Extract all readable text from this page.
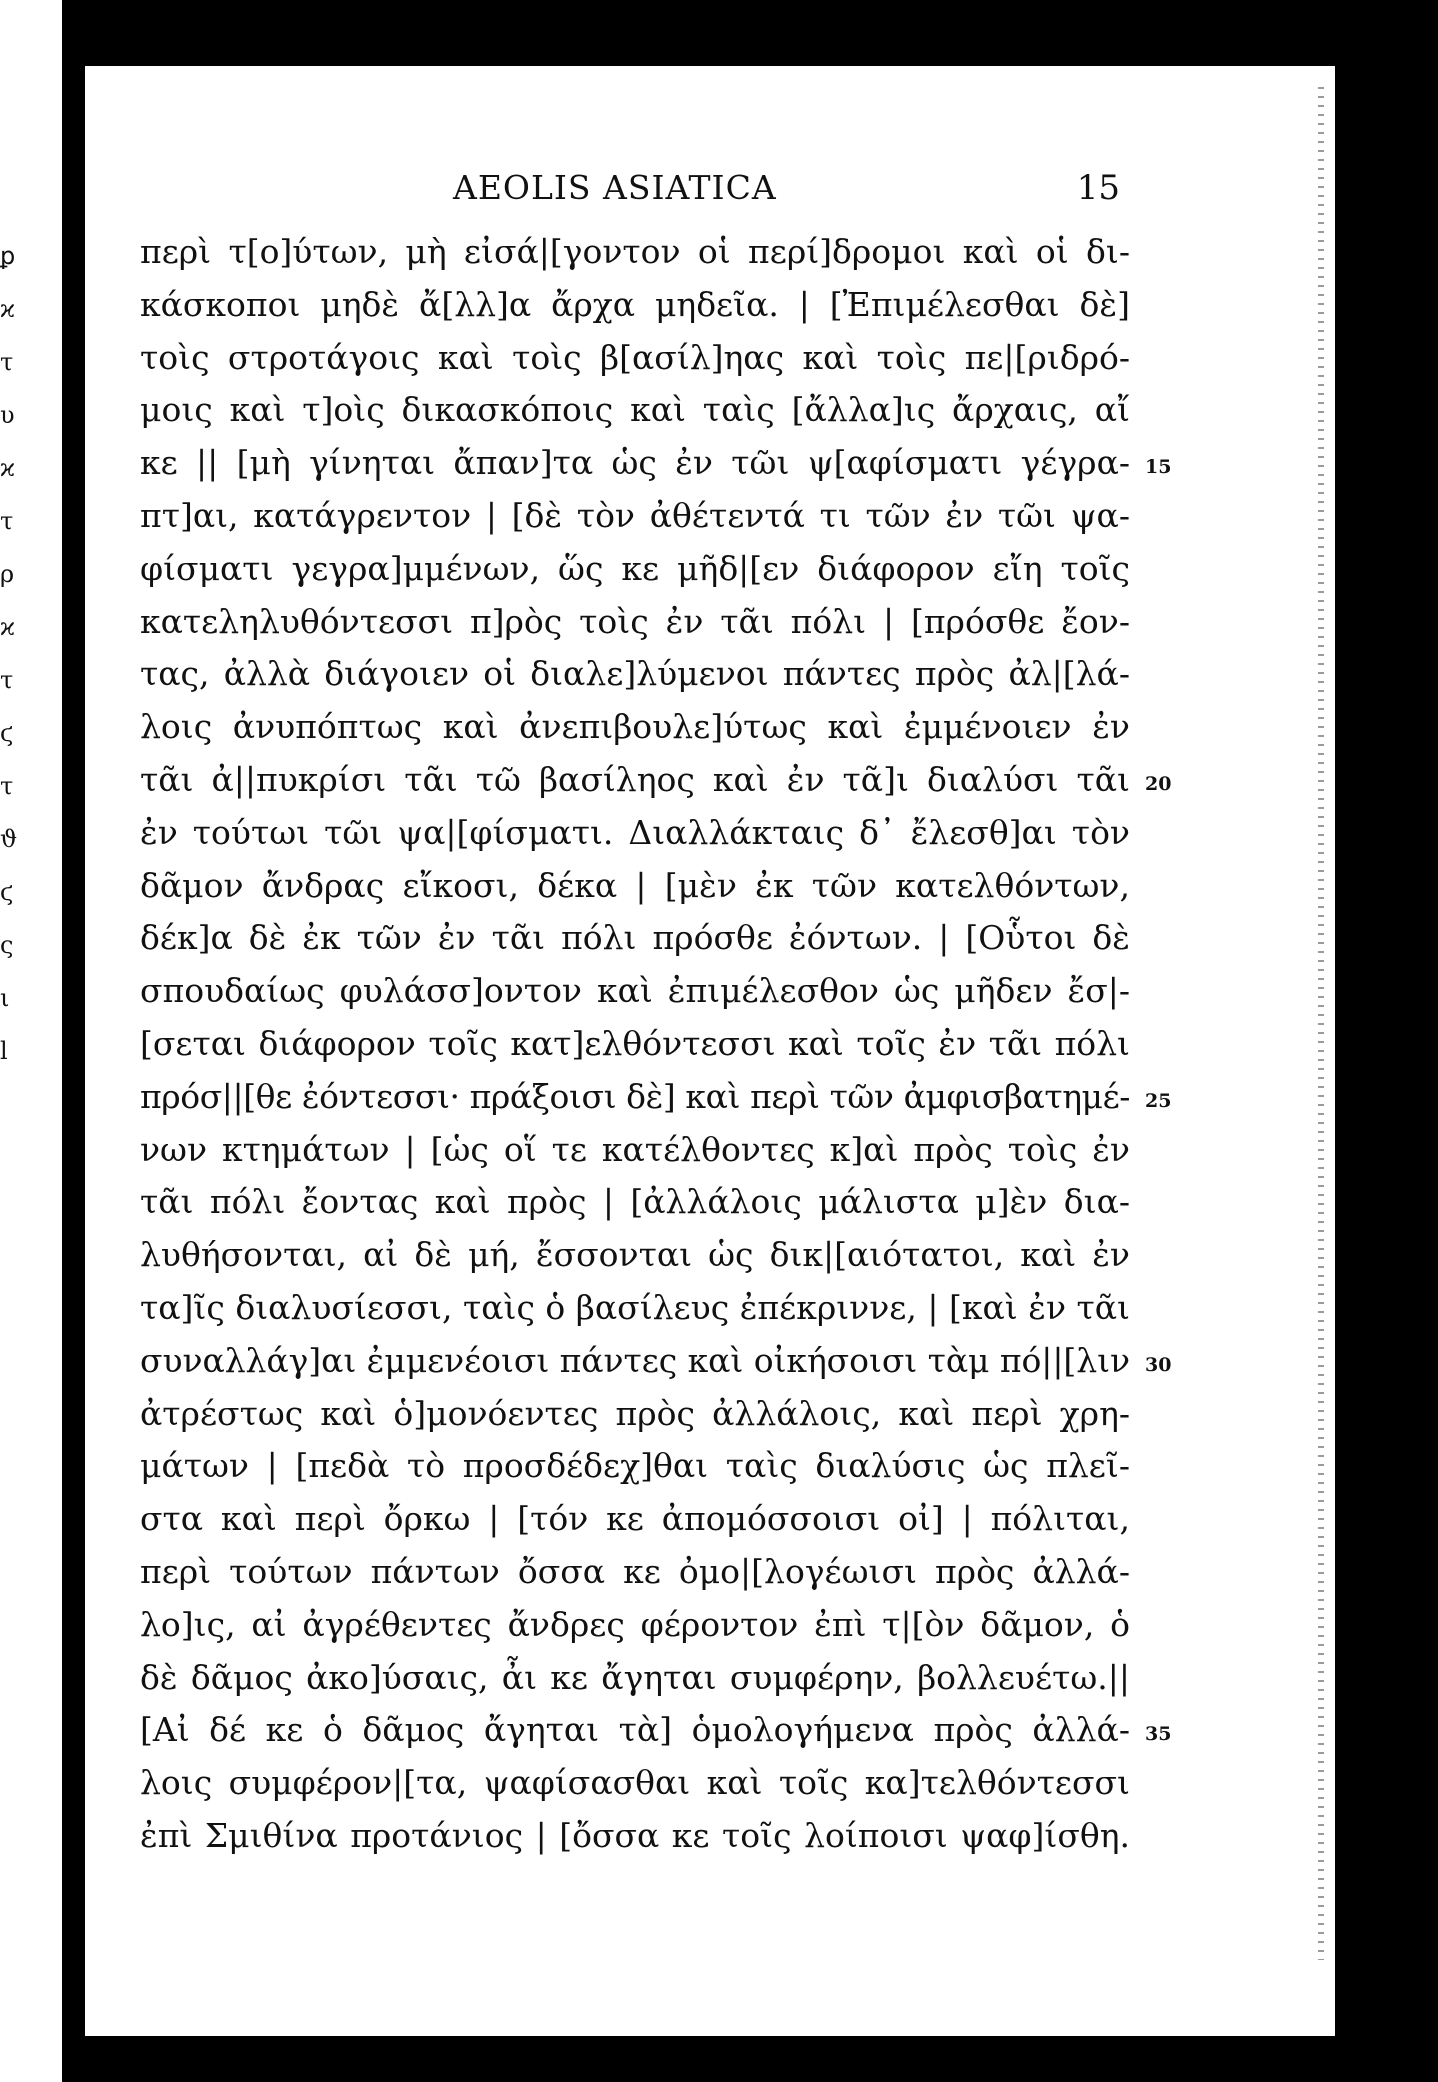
ꝑ
ϰ
τ
υ
ϰ
τ
ρ
ϰ
τ
ϛ
τ
ϑ
ϛ
ς
ι
l
AEOLIS ASIATICA	15
περὶ τ[ο]ύτων, μὴ εἰσά|[γοντον οἱ περί]δρομοι καὶ οἱ δι-
κάσκοποι μηδὲ ἄ[λλ]α ἄρχα μηδεῖα. | [Ἐπιμέλεσθαι δὲ]
τοὶς στροτάγοις καὶ τοὶς β[ασίλ]ηας καὶ τοὶς πε|[ριδρό-
μοις καὶ τ]οὶς δικασκόποις καὶ ταὶς [ἄλλα]ις ἄρχαις, αἴ
κε || [μὴ γίνηται ἄπαν]τα ὡς ἐν τῶι ψ[αφίσματι γέγρα- 15
πτ]αι, κατάγρεντον | [δὲ τὸν ἀθέτεντά τι τῶν ἐν τῶι ψα-
φίσματι γεγρα]μμένων, ὥς κε μῆδ|[εν διάφορον εἴη τοῖς
κατεληλυθόντεσσι π]ρὸς τοὶς ἐν τᾶι πόλι | [πρόσθε ἔον-
τας, ἀλλὰ διάγοιεν οἱ διαλε]λύμενοι πάντες πρὸς ἀλ|[λά-
λοις ἀνυπόπτως καὶ ἀνεπιβουλε]ύτως καὶ ἐμμένοιεν ἐν
τᾶι ἀ||πυκρίσι τᾶι τῶ βασίληος καὶ ἐν τᾶ]ι διαλύσι τᾶι 20
ἐν τούτωι τῶι ψα|[φίσματι. Διαλλάκταις δ᾽ ἔλεσθ]αι τὸν
δᾶμον ἄνδρας εἴκοσι, δέκα | [μὲν ἐκ τῶν κατελθόντων,
δέκ]α δὲ ἐκ τῶν ἐν τᾶι πόλι πρόσθε ἐόντων. | [Οὗτοι δὲ
σπουδαίως φυλάσσ]οντον καὶ ἐπιμέλεσθον ὡς μῆδεν ἔσ|-
[σεται διάφορον τοῖς κατ]ελθόντεσσι καὶ τοῖς ἐν τᾶι πόλι
πρόσ||[θε ἐόντεσσι· πράξοισι δὲ] καὶ περὶ τῶν ἀμφισβατημέ- 25
νων κτημάτων | [ὡς οἵ τε κατέλθοντες κ]αὶ πρὸς τοὶς ἐν
τᾶι πόλι ἔοντας καὶ πρὸς | [ἀλλάλοις μάλιστα μ]ὲν δια-
λυθήσονται, αἰ δὲ μή, ἔσσονται ὡς δικ|[αιότατοι, καὶ ἐν
τα]ῖς διαλυσίεσσι, ταὶς ὁ βασίλευς ἐπέκριννε, | [καὶ ἐν τᾶι
συναλλάγ]αι ἐμμενέοισι πάντες καὶ οἰκήσοισι τὰμ πό||[λιν 30
ἀτρέστως καὶ ὁ]μονόεντες πρὸς ἀλλάλοις, καὶ περὶ χρη-
μάτων | [πεδὰ τὸ προσδέδεχ]θαι ταὶς διαλύσις ὡς πλεῖ-
στα καὶ περὶ ὄρκω | [τόν κε ἀπομόσσοισι οἰ] | πόλιται,
περὶ τούτων πάντων ὄσσα κε ὀμο|[λογέωισι πρὸς ἀλλά-
λο]ις, αἰ ἀγρέθεντες ἄνδρες φέροντον ἐπὶ τ|[ὸν δᾶμον, ὁ
δὲ δᾶμος ἀκο]ύσαις, ἆι κε ἄγηται συμφέρην, βολλευέτω.||
[Αἰ δέ κε ὁ δᾶμος ἄγηται τὰ] ὁμολογήμενα πρὸς ἀλλά- 35
λοις συμφέρον|[τα, ψαφίσασθαι καὶ τοῖς κα]τελθόντεσσι
ἐπὶ Σμιθίνα προτάνιος | [ὄσσα κε τοῖς λοίποισι ψαφ]ίσθη.
